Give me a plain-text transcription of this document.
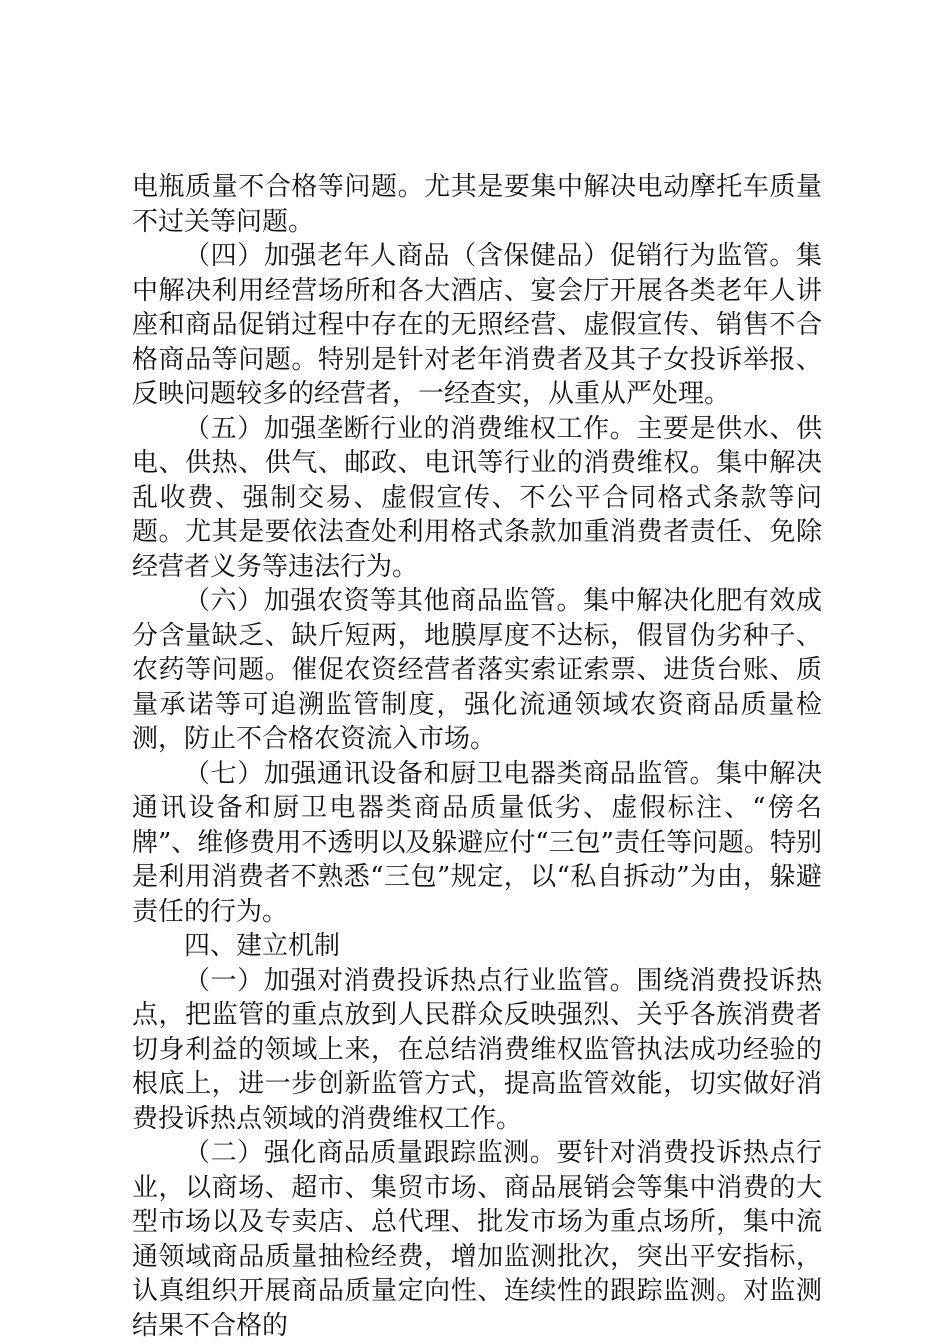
电瓶质量不合格等问题。尤其是要集中解决电动摩托车质量不过关等问题。

（四）加强老年人商品（含保健品）促销行为监管。集中解决利用经营场所和各大酒店、宴会厅开展各类老年人讲座和商品促销过程中存在的无照经营、虚假宣传、销售不合格商品等问题。特别是针对老年消费者及其子女投诉举报、反映问题较多的经营者，一经查实，从重从严处理。

（五）加强垄断行业的消费维权工作。主要是供水、供电、供热、供气、邮政、电讯等行业的消费维权。集中解决乱收费、强制交易、虚假宣传、不公平合同格式条款等问题。尤其是要依法查处利用格式条款加重消费者责任、免除经营者义务等违法行为。

（六）加强农资等其他商品监管。集中解决化肥有效成分含量缺乏、缺斤短两，地膜厚度不达标，假冒伪劣种子、农药等问题。催促农资经营者落实索证索票、进货台账、质量承诺等可追溯监管制度，强化流通领域农资商品质量检测，防止不合格农资流入市场。

（七）加强通讯设备和厨卫电器类商品监管。集中解决通讯设备和厨卫电器类商品质量低劣、虚假标注、“傍名牌”、维修费用不透明以及躲避应付“三包”责任等问题。特别是利用消费者不熟悉“三包”规定，以“私自拆动”为由，躲避责任的行为。

四、建立机制

（一）加强对消费投诉热点行业监管。围绕消费投诉热点，把监管的重点放到人民群众反映强烈、关乎各族消费者切身利益的领域上来，在总结消费维权监管执法成功经验的根底上，进一步创新监管方式，提高监管效能，切实做好消费投诉热点领域的消费维权工作。

（二）强化商品质量跟踪监测。要针对消费投诉热点行业，以商场、超市、集贸市场、商品展销会等集中消费的大型市场以及专卖店、总代理、批发市场为重点场所，集中流通领域商品质量抽检经费，增加监测批次，突出平安指标，认真组织开展商品质量定向性、连续性的跟踪监测。对监测结果不合格的
